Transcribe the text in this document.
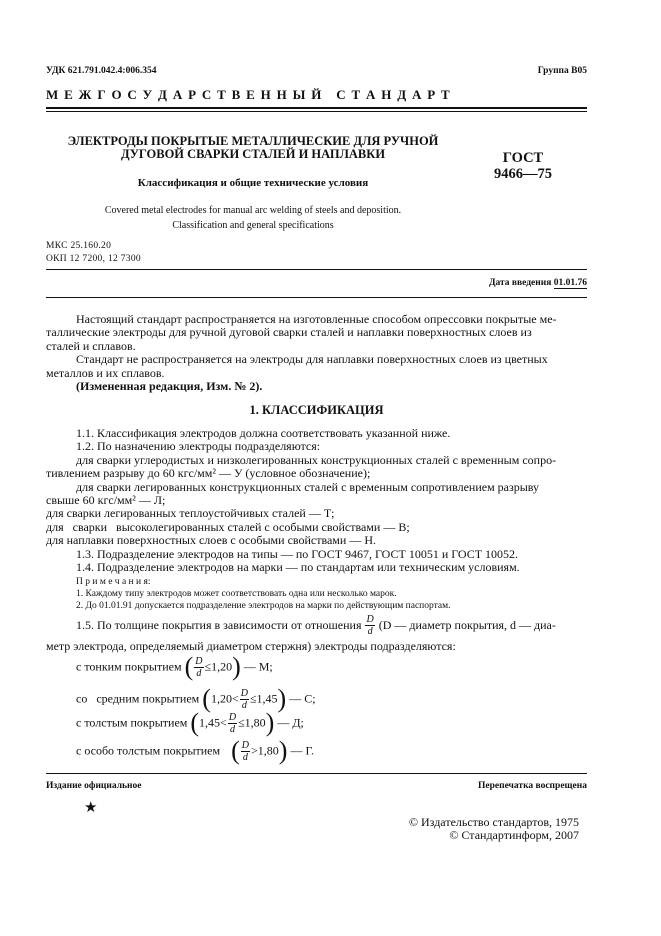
УДК 621.791.042.4:006.354	Группа В05
М Е Ж Г О С У Д А Р С Т В Е Н Н Ы Й   С Т А Н Д А Р Т
ЭЛЕКТРОДЫ ПОКРЫТЫЕ МЕТАЛЛИЧЕСКИЕ ДЛЯ РУЧНОЙ
ДУГОВОЙ СВАРКИ СТАЛЕЙ И НАПЛАВКИ
Классификация и общие технические условия
Covered metal electrodes for manual arc welding of steels and deposition.
Classification and general specifications
ГОСТ
9466—75
МКС 25.160.20
ОКП 12 7200, 12 7300
Дата введения 01.01.76
Настоящий стандарт распространяется на изготовленные способом опрессовки покрытые ме-
таллические электроды для ручной дуговой сварки сталей и наплавки поверхностных слоев из
сталей и сплавов.
Стандарт не распространяется на электроды для наплавки поверхностных слоев из цветных
металлов и их сплавов.
(Измененная редакция, Изм. № 2).
1. КЛАССИФИКАЦИЯ
1.1. Классификация электродов должна соответствовать указанной ниже.
1.2. По назначению электроды подразделяются:
для сварки углеродистых и низколегированных конструкционных сталей с временным сопро-
тивлением разрыву до 60 кгс/мм² — У (условное обозначение);
для сварки легированных конструкционных сталей с временным сопротивлением разрыву
свыше 60 кгс/мм² — Л;
для сварки легированных теплоустойчивых сталей — Т;
для   сварки   высоколегированных сталей с особыми свойствами — В;
для наплавки поверхностных слоев с особыми свойствами — Н.
1.3. Подразделение электродов на типы — по ГОСТ 9467, ГОСТ 10051 и ГОСТ 10052.
1.4. Подразделение электродов на марки — по стандартам или техническим условиям.
П р и м е ч а н и я:
1. Каждому типу электродов может соответствовать одна или несколько марок.
2. До 01.01.91 допускается подразделение электродов на марки по действующим паспортам.
1.5. По толщине покрытия в зависимости от отношения $\frac{D}{d} (D$ — диаметр покрытия, d — диа-
метр электрода, определяемый диаметром стержня) электроды подразделяются:
с тонким покрытием ( $\frac{D}{d} \le 1,20$) — М;
со   средним покрытием $(1,20< \frac{D}{d} \le 1,45)$ — С;
с толстым покрытием $(1,45< \frac{D}{d} \le 1,80)$ — Д;
с особо толстым покрытием ( $\frac{D}{d} >1,80$) — Г.
Издание официальное	Перепечатка воспрещена
★
© Издательство стандартов, 1975
© Стандартинформ, 2007
